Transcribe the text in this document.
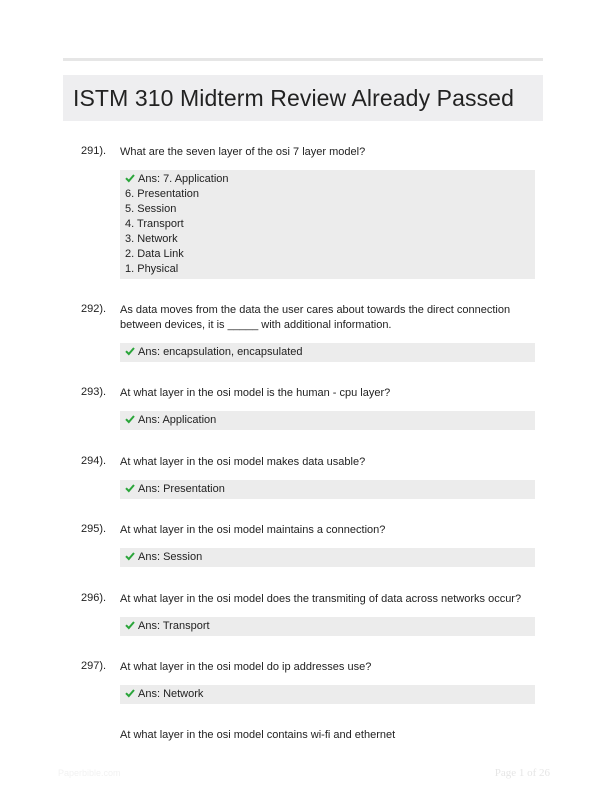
ISTM 310 Midterm Review Already Passed
291). What are the seven layer of the osi 7 layer model?
Ans: 7. Application
6. Presentation
5. Session
4. Transport
3. Network
2. Data Link
1. Physical
292). As data moves from the data the user cares about towards the direct connection
between devices, it is _____ with additional information.
Ans: encapsulation, encapsulated
293). At what layer in the osi model is the human - cpu layer?
Ans: Application
294). At what layer in the osi model makes data usable?
Ans: Presentation
295). At what layer in the osi model maintains a connection?
Ans: Session
296). At what layer in the osi model does the transmiting of data across networks occur?
Ans: Transport
297). At what layer in the osi model do ip addresses use?
Ans: Network
At what layer in the osi model contains wi-fi and ethernet
Paperbible.com	Page 1 of 26
